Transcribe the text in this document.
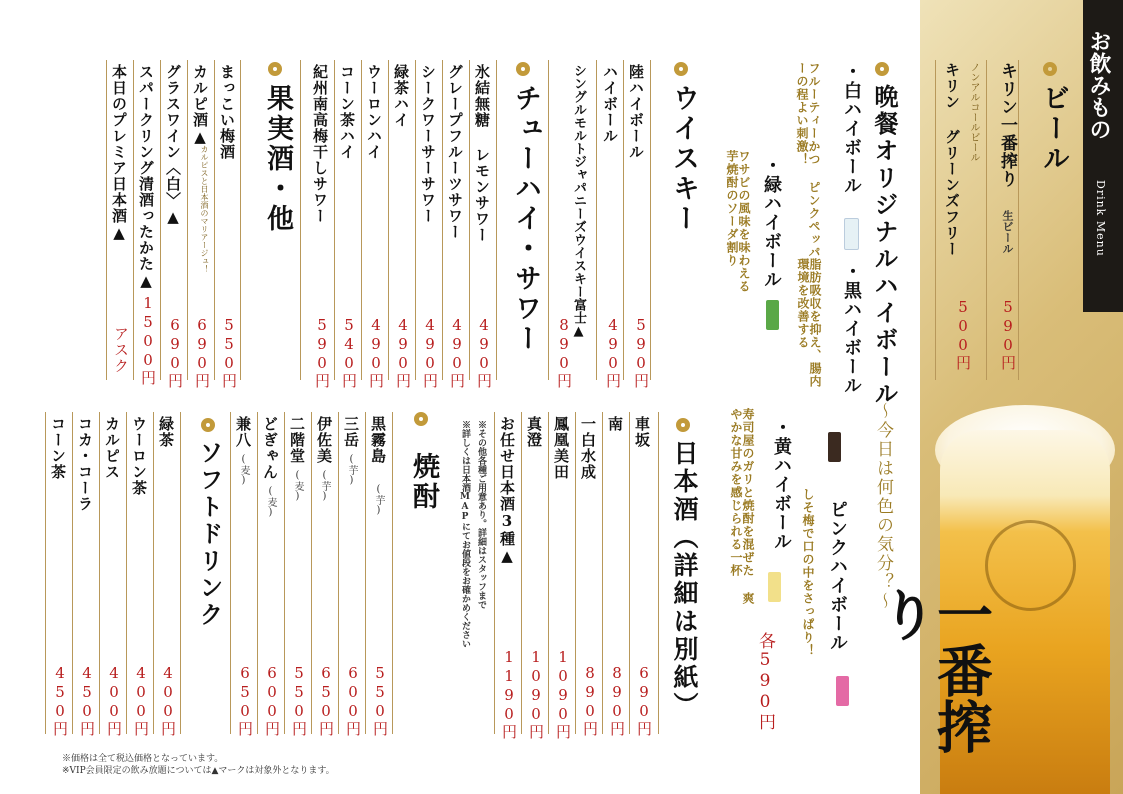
お飲みもの
Drink Menu
一番搾り
ビール
キリン一番搾り
生ビール
590円
ノンアルコールビール
キリン グリーンズフリー
500円
晩餐オリジナルハイボール
～今日は何色の気分？～
・白ハイボール
・黒ハイボール
ピンクハイボール
フルーティーかつ ピンクペッパーの程よい刺激！
脂肪吸収を抑え、腸内環境を改善する
しそ梅で口の中をさっぱり！
・緑ハイボール
ワサビの風味を味わえる 芋焼酎のソーダ割り
・黄ハイボール
寿司屋のガリと焼酎を混ぜた 爽やかな甘みを感じられる一杯
各590円
ウイスキー
陸ハイボール
590円
ハイボール
490円
シングルモルトジャパニーズウイスキー富士▲
890円
チューハイ・サワー
氷結無糖 レモンサワー
490円
グレープフルーツサワー
490円
シークワーサーサワー
490円
緑茶ハイ
490円
ウーロンハイ
490円
コーン茶ハイ
540円
紀州南高梅干しサワー
590円
果実酒・他
まっこい梅酒
550円
カルピ酒▲
カルピスと日本酒のマリアージュ！
690円
グラスワイン〈白〉▲
690円
スパークリング清酒ったかた▲
1500円
本日のプレミア日本酒▲
アスク
日本酒（詳細は別紙）
車坂
690円
南
890円
一白水成
890円
鳳凰美田
1090円
真澄
1090円
お任せ日本酒3種▲
1190円
※その他各種ご用意あり。詳細はスタッフまで
※詳しくは日本酒MAPにてお値段をお確かめください
焼酎
黒霧島
(芋)
550円
三岳
(芋)
600円
伊佐美
(芋)
650円
二階堂
(麦)
550円
どぎゃん
(麦)
600円
兼八
(麦)
650円
ソフトドリンク
緑茶
400円
ウーロン茶
400円
カルピス
400円
コカ・コーラ
450円
コーン茶
450円
※価格は全て税込価格となっています。
※VIP会員限定の飲み放題については▲マークは対象外となります。
